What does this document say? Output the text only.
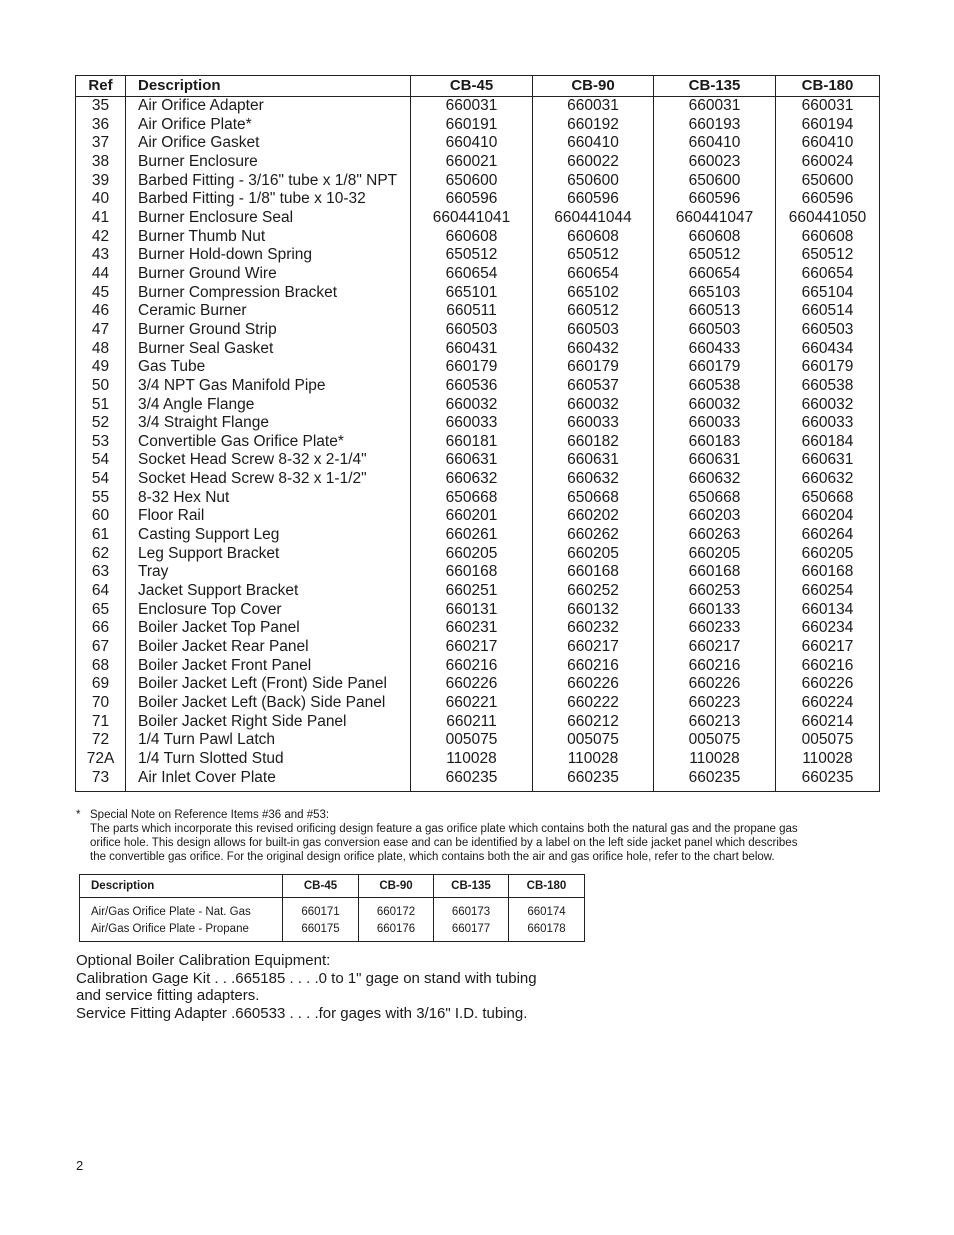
Ref	Description	CB-45	CB-90	CB-135	CB-180
35	Air Orifice Adapter	660031	660031	660031	660031
36	Air Orifice Plate*	660191	660192	660193	660194
37	Air Orifice Gasket	660410	660410	660410	660410
38	Burner Enclosure	660021	660022	660023	660024
39	Barbed Fitting - 3/16" tube x 1/8" NPT	650600	650600	650600	650600
40	Barbed Fitting - 1/8" tube x 10-32	660596	660596	660596	660596
41	Burner Enclosure Seal	660441041	660441044	660441047	660441050
42	Burner Thumb Nut	660608	660608	660608	660608
43	Burner Hold-down Spring	650512	650512	650512	650512
44	Burner Ground Wire	660654	660654	660654	660654
45	Burner Compression Bracket	665101	665102	665103	665104
46	Ceramic Burner	660511	660512	660513	660514
47	Burner Ground Strip	660503	660503	660503	660503
48	Burner Seal Gasket	660431	660432	660433	660434
49	Gas Tube	660179	660179	660179	660179
50	3/4 NPT Gas Manifold Pipe	660536	660537	660538	660538
51	3/4 Angle Flange	660032	660032	660032	660032
52	3/4 Straight Flange	660033	660033	660033	660033
53	Convertible Gas Orifice Plate*	660181	660182	660183	660184
54	Socket Head Screw 8-32 x 2-1/4"	660631	660631	660631	660631
54	Socket Head Screw 8-32 x 1-1/2"	660632	660632	660632	660632
55	8-32 Hex Nut	650668	650668	650668	650668
60	Floor Rail	660201	660202	660203	660204
61	Casting Support Leg	660261	660262	660263	660264
62	Leg Support Bracket	660205	660205	660205	660205
63	Tray	660168	660168	660168	660168
64	Jacket Support Bracket	660251	660252	660253	660254
65	Enclosure Top Cover	660131	660132	660133	660134
66	Boiler Jacket Top Panel	660231	660232	660233	660234
67	Boiler Jacket Rear Panel	660217	660217	660217	660217
68	Boiler Jacket Front Panel	660216	660216	660216	660216
69	Boiler Jacket Left (Front) Side Panel	660226	660226	660226	660226
70	Boiler Jacket Left (Back) Side Panel	660221	660222	660223	660224
71	Boiler Jacket Right Side Panel	660211	660212	660213	660214
72	1/4 Turn Pawl Latch	005075	005075	005075	005075
72A	1/4 Turn Slotted Stud	110028	110028	110028	110028
73	Air Inlet Cover Plate	660235	660235	660235	660235
* Special Note on Reference Items #36 and #53:
The parts which incorporate this revised orificing design feature a gas orifice plate which contains both the natural gas and the propane gas
orifice hole. This design allows for built-in gas conversion ease and can be identified by a label on the left side jacket panel which describes
the convertible gas orifice. For the original design orifice plate, which contains both the air and gas orifice hole, refer to the chart below.
Description	CB-45	CB-90	CB-135	CB-180
Air/Gas Orifice Plate - Nat. Gas	660171	660172	660173	660174
Air/Gas Orifice Plate - Propane	660175	660176	660177	660178
Optional Boiler Calibration Equipment:
Calibration Gage Kit . . .665185 . . . .0 to 1" gage on stand with tubing
and service fitting adapters.
Service Fitting Adapter .660533 . . . .for gages with 3/16" I.D. tubing.
2
